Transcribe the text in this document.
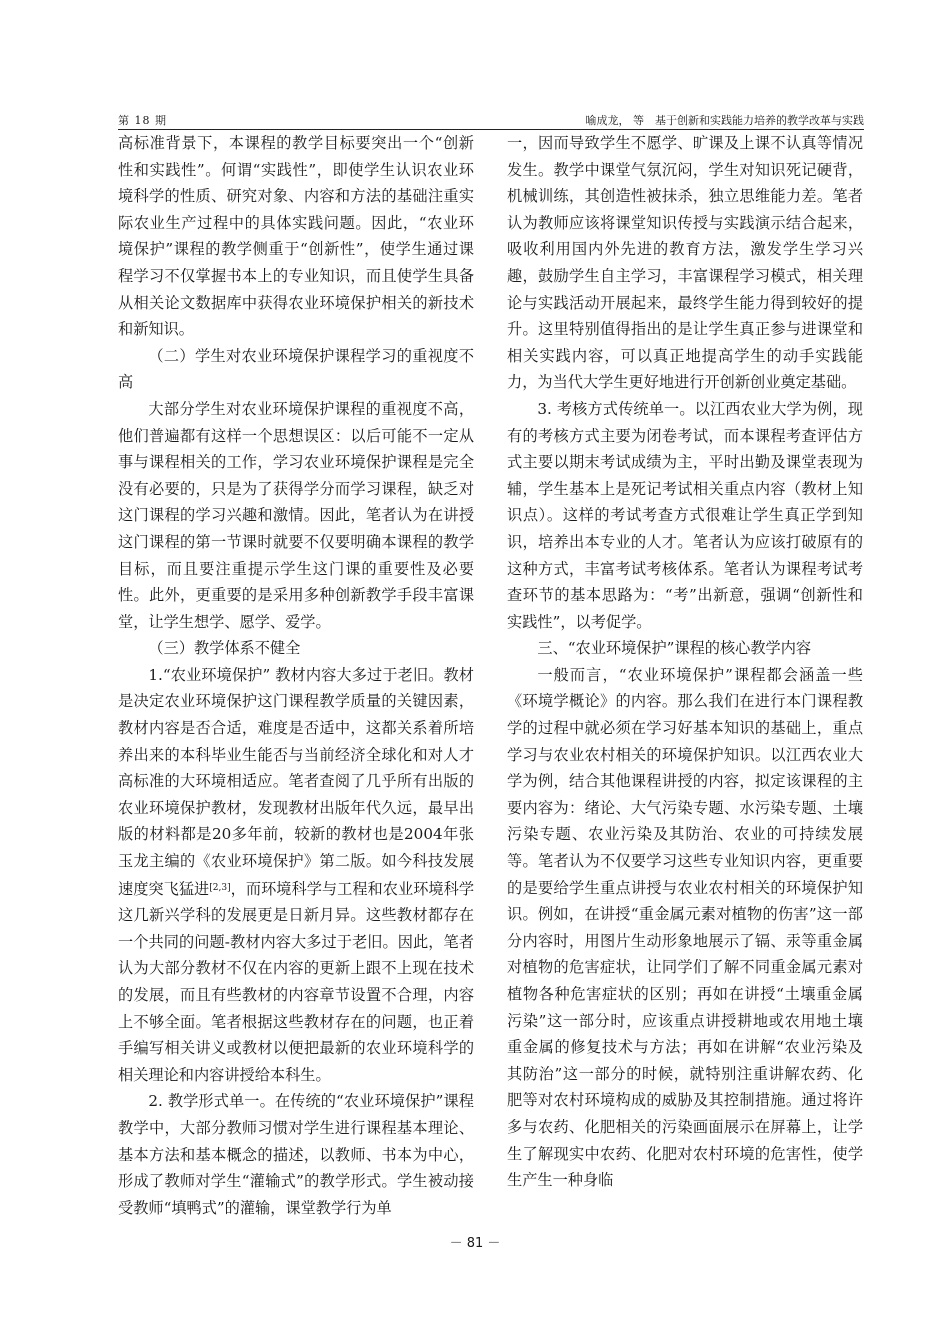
第 18 期	喻成龙， 等　基于创新和实践能力培养的教学改革与实践

高标准背景下，本课程的教学目标要突出一个“创新性和实践性”。何谓“实践性”，即使学生认识农业环境科学的性质、研究对象、内容和方法的基础注重实际农业生产过程中的具体实践问题。因此，“农业环境保护”课程的教学侧重于“创新性”，使学生通过课程学习不仅掌握书本上的专业知识，而且使学生具备从相关论文数据库中获得农业环境保护相关的新技术和新知识。

（二）学生对农业环境保护课程学习的重视度不高

大部分学生对农业环境保护课程的重视度不高，他们普遍都有这样一个思想误区：以后可能不一定从事与课程相关的工作，学习农业环境保护课程是完全没有必要的，只是为了获得学分而学习课程，缺乏对这门课程的学习兴趣和激情。因此，笔者认为在讲授这门课程的第一节课时就要不仅要明确本课程的教学目标，而且要注重提示学生这门课的重要性及必要性。此外，更重要的是采用多种创新教学手段丰富课堂，让学生想学、愿学、爱学。

（三）教学体系不健全

1.“农业环境保护” 教材内容大多过于老旧。教材是决定农业环境保护这门课程教学质量的关键因素，教材内容是否合适，难度是否适中，这都关系着所培养出来的本科毕业生能否与当前经济全球化和对人才高标准的大环境相适应。笔者查阅了几乎所有出版的农业环境保护教材，发现教材出版年代久远，最早出版的材料都是20多年前，较新的教材也是2004年张玉龙主编的《农业环境保护》第二版。如今科技发展速度突飞猛进[2,3]，而环境科学与工程和农业环境科学这几新兴学科的发展更是日新月异。这些教材都存在一个共同的问题-教材内容大多过于老旧。因此，笔者认为大部分教材不仅在内容的更新上跟不上现在技术的发展，而且有些教材的内容章节设置不合理，内容上不够全面。笔者根据这些教材存在的问题，也正着手编写相关讲义或教材以便把最新的农业环境科学的相关理论和内容讲授给本科生。

2. 教学形式单一。在传统的“农业环境保护”课程教学中，大部分教师习惯对学生进行课程基本理论、基本方法和基本概念的描述，以教师、书本为中心，形成了教师对学生“灌输式”的教学形式。学生被动接受教师“填鸭式”的灌输，课堂教学行为单

一，因而导致学生不愿学、旷课及上课不认真等情况发生。教学中课堂气氛沉闷，学生对知识死记硬背，机械训练，其创造性被抹杀，独立思维能力差。笔者认为教师应该将课堂知识传授与实践演示结合起来，吸收利用国内外先进的教育方法，激发学生学习兴趣，鼓励学生自主学习，丰富课程学习模式，相关理论与实践活动开展起来，最终学生能力得到较好的提升。这里特别值得指出的是让学生真正参与进课堂和相关实践内容，可以真正地提高学生的动手实践能力，为当代大学生更好地进行开创新创业奠定基础。

3. 考核方式传统单一。以江西农业大学为例，现有的考核方式主要为闭卷考试，而本课程考查评估方式主要以期末考试成绩为主，平时出勤及课堂表现为辅，学生基本上是死记考试相关重点内容（教材上知识点）。这样的考试考查方式很难让学生真正学到知识，培养出本专业的人才。笔者认为应该打破原有的这种方式，丰富考试考核体系。笔者认为课程考试考查环节的基本思路为：“考”出新意，强调“创新性和实践性”，以考促学。

三、“农业环境保护”课程的核心教学内容

一般而言，“农业环境保护”课程都会涵盖一些《环境学概论》的内容。那么我们在进行本门课程教学的过程中就必须在学习好基本知识的基础上，重点学习与农业农村相关的环境保护知识。以江西农业大学为例，结合其他课程讲授的内容，拟定该课程的主要内容为：绪论、大气污染专题、水污染专题、土壤污染专题、农业污染及其防治、农业的可持续发展等。笔者认为不仅要学习这些专业知识内容，更重要的是要给学生重点讲授与农业农村相关的环境保护知识。例如，在讲授“重金属元素对植物的伤害”这一部分内容时，用图片生动形象地展示了镉、汞等重金属对植物的危害症状，让同学们了解不同重金属元素对植物各种危害症状的区别；再如在讲授“土壤重金属污染”这一部分时，应该重点讲授耕地或农用地土壤重金属的修复技术与方法；再如在讲解“农业污染及其防治”这一部分的时候，就特别注重讲解农药、化肥等对农村环境构成的威胁及其控制措施。通过将许多与农药、化肥相关的污染画面展示在屏幕上，让学生了解现实中农药、化肥对农村环境的危害性，使学生产生一种身临

－ 81 －
